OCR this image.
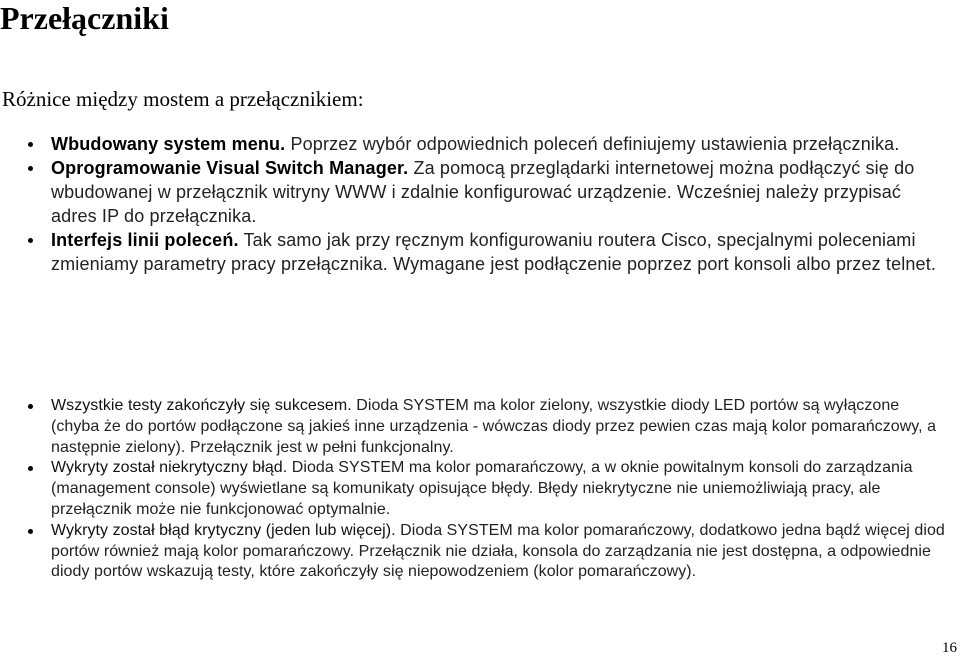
Przełączniki

Różnice między mostem a przełącznikiem:

Wbudowany system menu. Poprzez wybór odpowiednich poleceń definiujemy ustawienia przełącznika.
Oprogramowanie Visual Switch Manager. Za pomocą przeglądarki internetowej można podłączyć się do wbudowanej w przełącznik witryny WWW i zdalnie konfigurować urządzenie. Wcześniej należy przypisać adres IP do przełącznika.
Interfejs linii poleceń. Tak samo jak przy ręcznym konfigurowaniu routera Cisco, specjalnymi poleceniami zmieniamy parametry pracy przełącznika. Wymagane jest podłączenie poprzez port konsoli albo przez telnet.
Wszystkie testy zakończyły się sukcesem. Dioda SYSTEM ma kolor zielony, wszystkie diody LED portów są wyłączone (chyba że do portów podłączone są jakieś inne urządzenia - wówczas diody przez pewien czas mają kolor pomarańczowy, a następnie zielony). Przełącznik jest w pełni funkcjonalny.
Wykryty został niekrytyczny błąd. Dioda SYSTEM ma kolor pomarańczowy, a w oknie powitalnym konsoli do zarządzania (management console) wyświetlane są komunikaty opisujące błędy. Błędy niekrytyczne nie uniemożliwiają pracy, ale przełącznik może nie funkcjonować optymalnie.
Wykryty został błąd krytyczny (jeden lub więcej). Dioda SYSTEM ma kolor pomarańczowy, dodatkowo jedna bądź więcej diod portów również mają kolor pomarańczowy. Przełącznik nie działa, konsola do zarządzania nie jest dostępna, a odpowiednie diody portów wskazują testy, które zakończyły się niepowodzeniem (kolor pomarańczowy).
16
